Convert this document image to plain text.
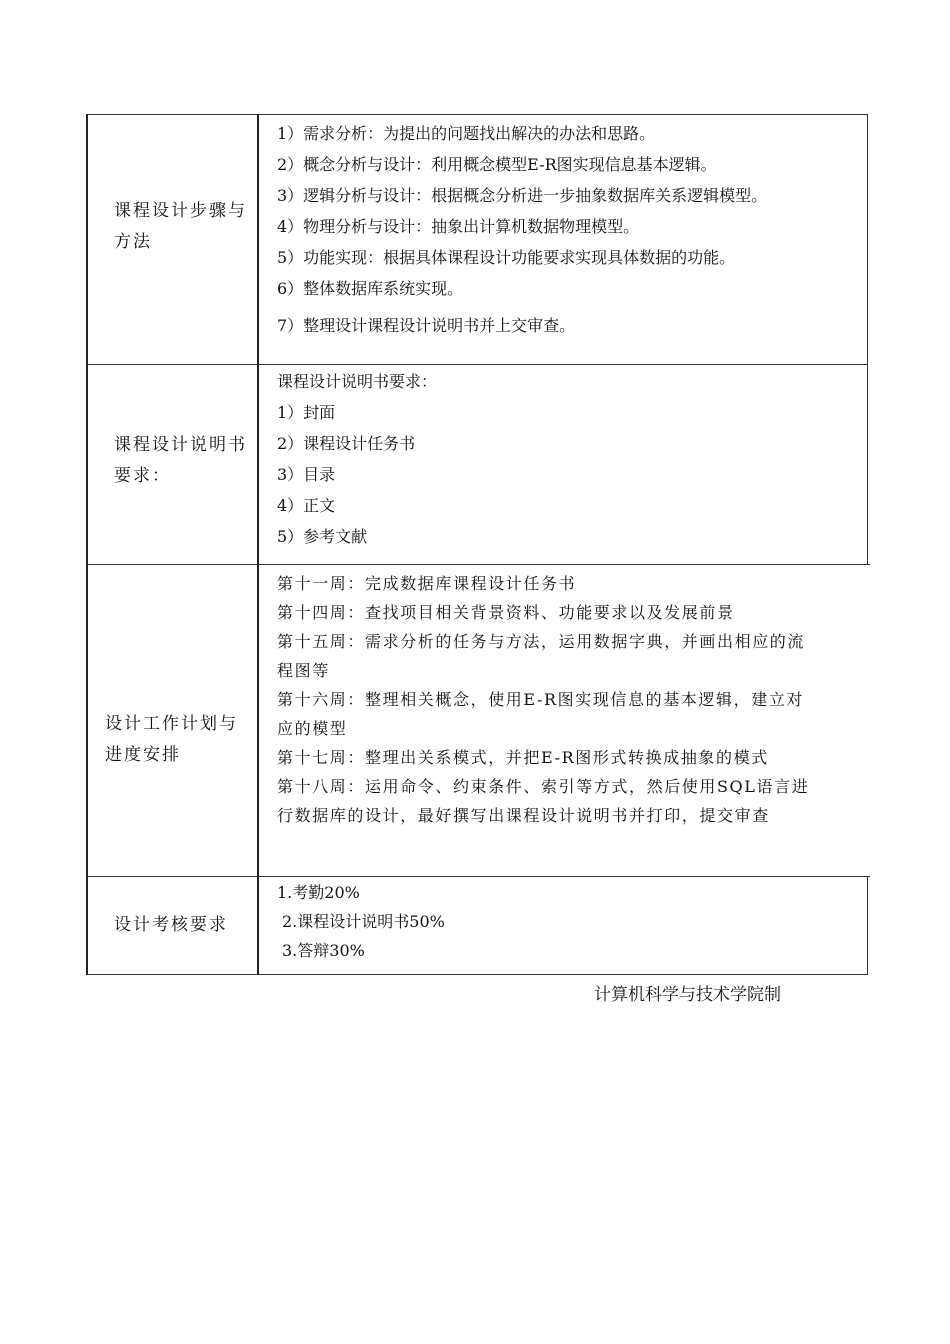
课程设计步骤与
方法
1）需求分析：为提出的问题找出解决的办法和思路。
2）概念分析与设计：利用概念模型E-R图实现信息基本逻辑。
3）逻辑分析与设计：根据概念分析进一步抽象数据库关系逻辑模型。
4）物理分析与设计：抽象出计算机数据物理模型。
5）功能实现：根据具体课程设计功能要求实现具体数据的功能。
6）整体数据库系统实现。
7）整理设计课程设计说明书并上交审查。
课程设计说明书
要求：
课程设计说明书要求：
1）封面
2）课程设计任务书
3）目录
4）正文
5）参考文献
设计工作计划与
进度安排
第十一周：完成数据库课程设计任务书
第十四周：查找项目相关背景资料、功能要求以及发展前景
第十五周：需求分析的任务与方法，运用数据字典，并画出相应的流
程图等
第十六周：整理相关概念，使用E-R图实现信息的基本逻辑，建立对
应的模型
第十七周：整理出关系模式，并把E-R图形式转换成抽象的模式
第十八周：运用命令、约束条件、索引等方式，然后使用SQL语言进
行数据库的设计，最好撰写出课程设计说明书并打印，提交审查
设计考核要求
1.考勤20%
2.课程设计说明书50%
3.答辩30%
计算机科学与技术学院制
